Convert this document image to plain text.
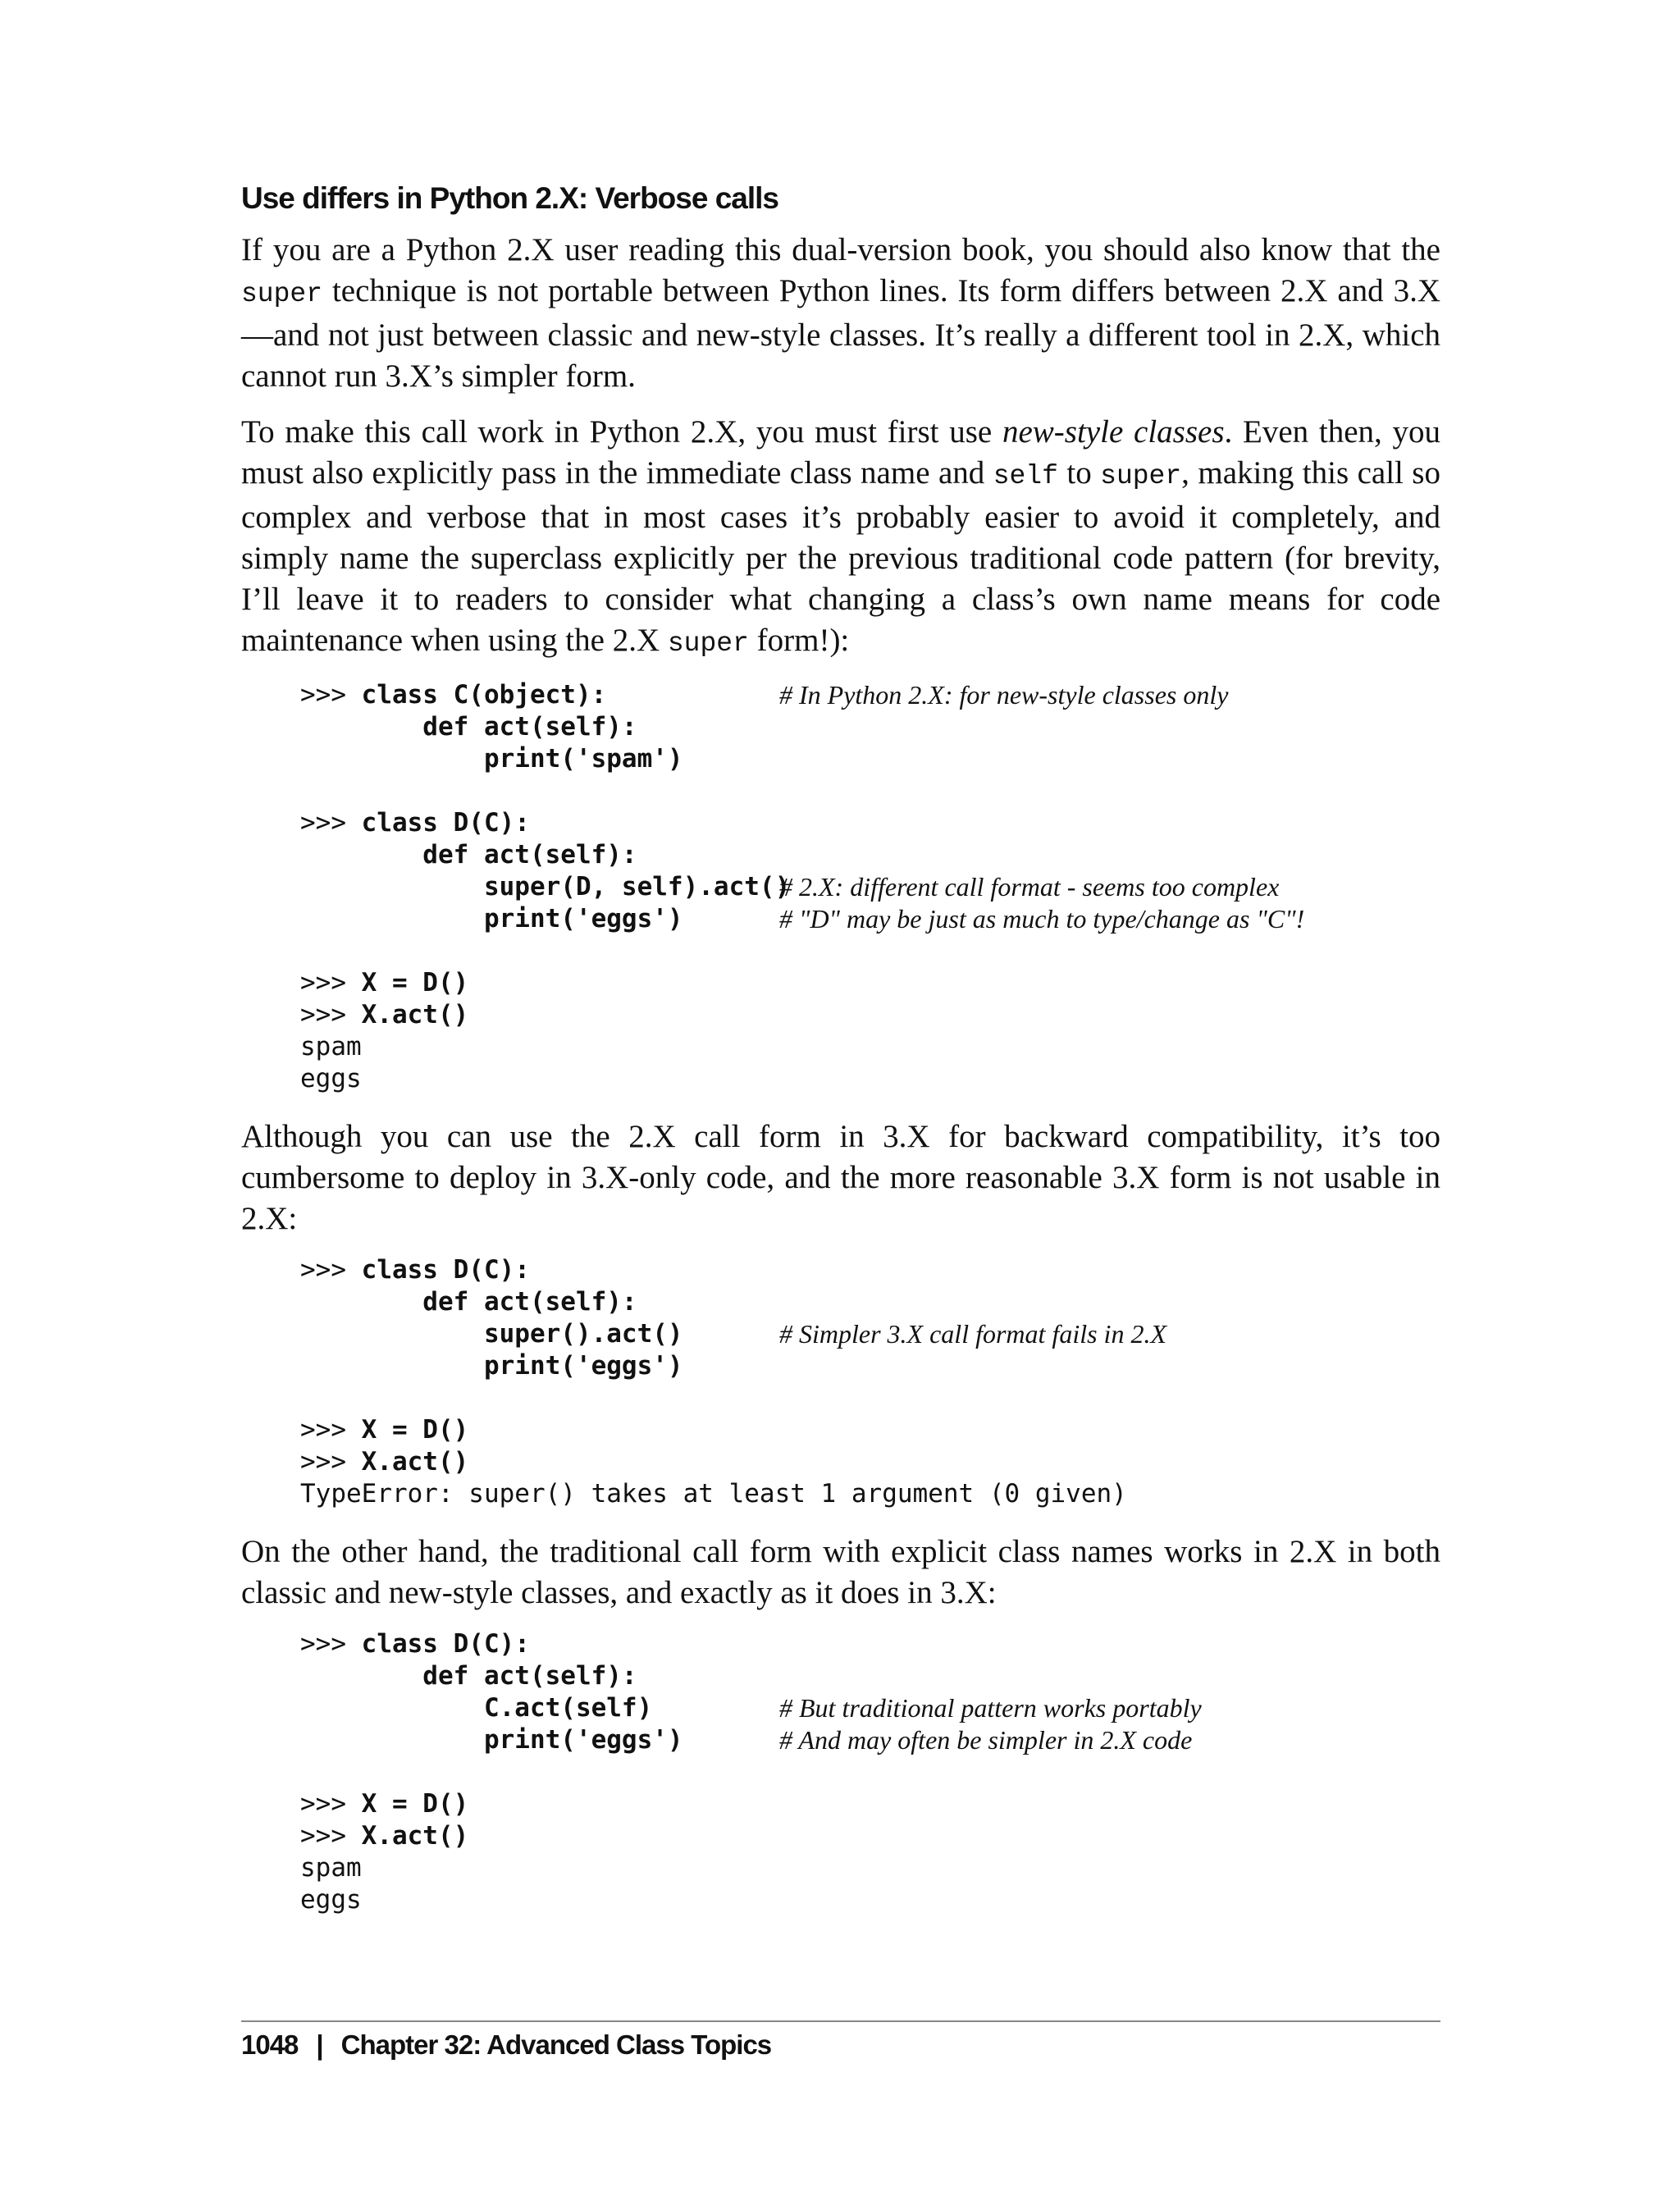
Use differs in Python 2.X: Verbose calls

If you are a Python 2.X user reading this dual-version book, you should also know that the super technique is not portable between Python lines. Its form differs between 2.X and 3.X—and not just between classic and new-style classes. It’s really a different tool in 2.X, which cannot run 3.X’s simpler form.

To make this call work in Python 2.X, you must first use new-style classes. Even then, you must also explicitly pass in the immediate class name and self to super, making this call so complex and verbose that in most cases it’s probably easier to avoid it completely, and simply name the superclass explicitly per the previous traditional code pattern (for brevity, I’ll leave it to readers to consider what changing a class’s own name means for code maintenance when using the 2.X super form!):

>>> class C(object):	# In Python 2.X: for new-style classes only
def act(self):
print('spam')
>>> class D(C):
def act(self):
super(D, self).act()
# 2.X: different call format - seems too complex
print('eggs')	# "D" may be just as much to type/change as "C"!
>>> X = D()
>>> X.act()
spam
eggs

Although you can use the 2.X call form in 3.X for backward compatibility, it’s too cumbersome to deploy in 3.X-only code, and the more reasonable 3.X form is not usable in 2.X:

>>> class D(C):
def act(self):
super().act()	# Simpler 3.X call format fails in 2.X
print('eggs')
>>> X = D()
>>> X.act()
TypeError: super() takes at least 1 argument (0 given)

On the other hand, the traditional call form with explicit class names works in 2.X in both classic and new-style classes, and exactly as it does in 3.X:

>>> class D(C):
def act(self):
C.act(self)	# But traditional pattern works portably
print('eggs')	# And may often be simpler in 2.X code
>>> X = D()
>>> X.act()
spam
eggs
1048 | Chapter 32: Advanced Class Topics
